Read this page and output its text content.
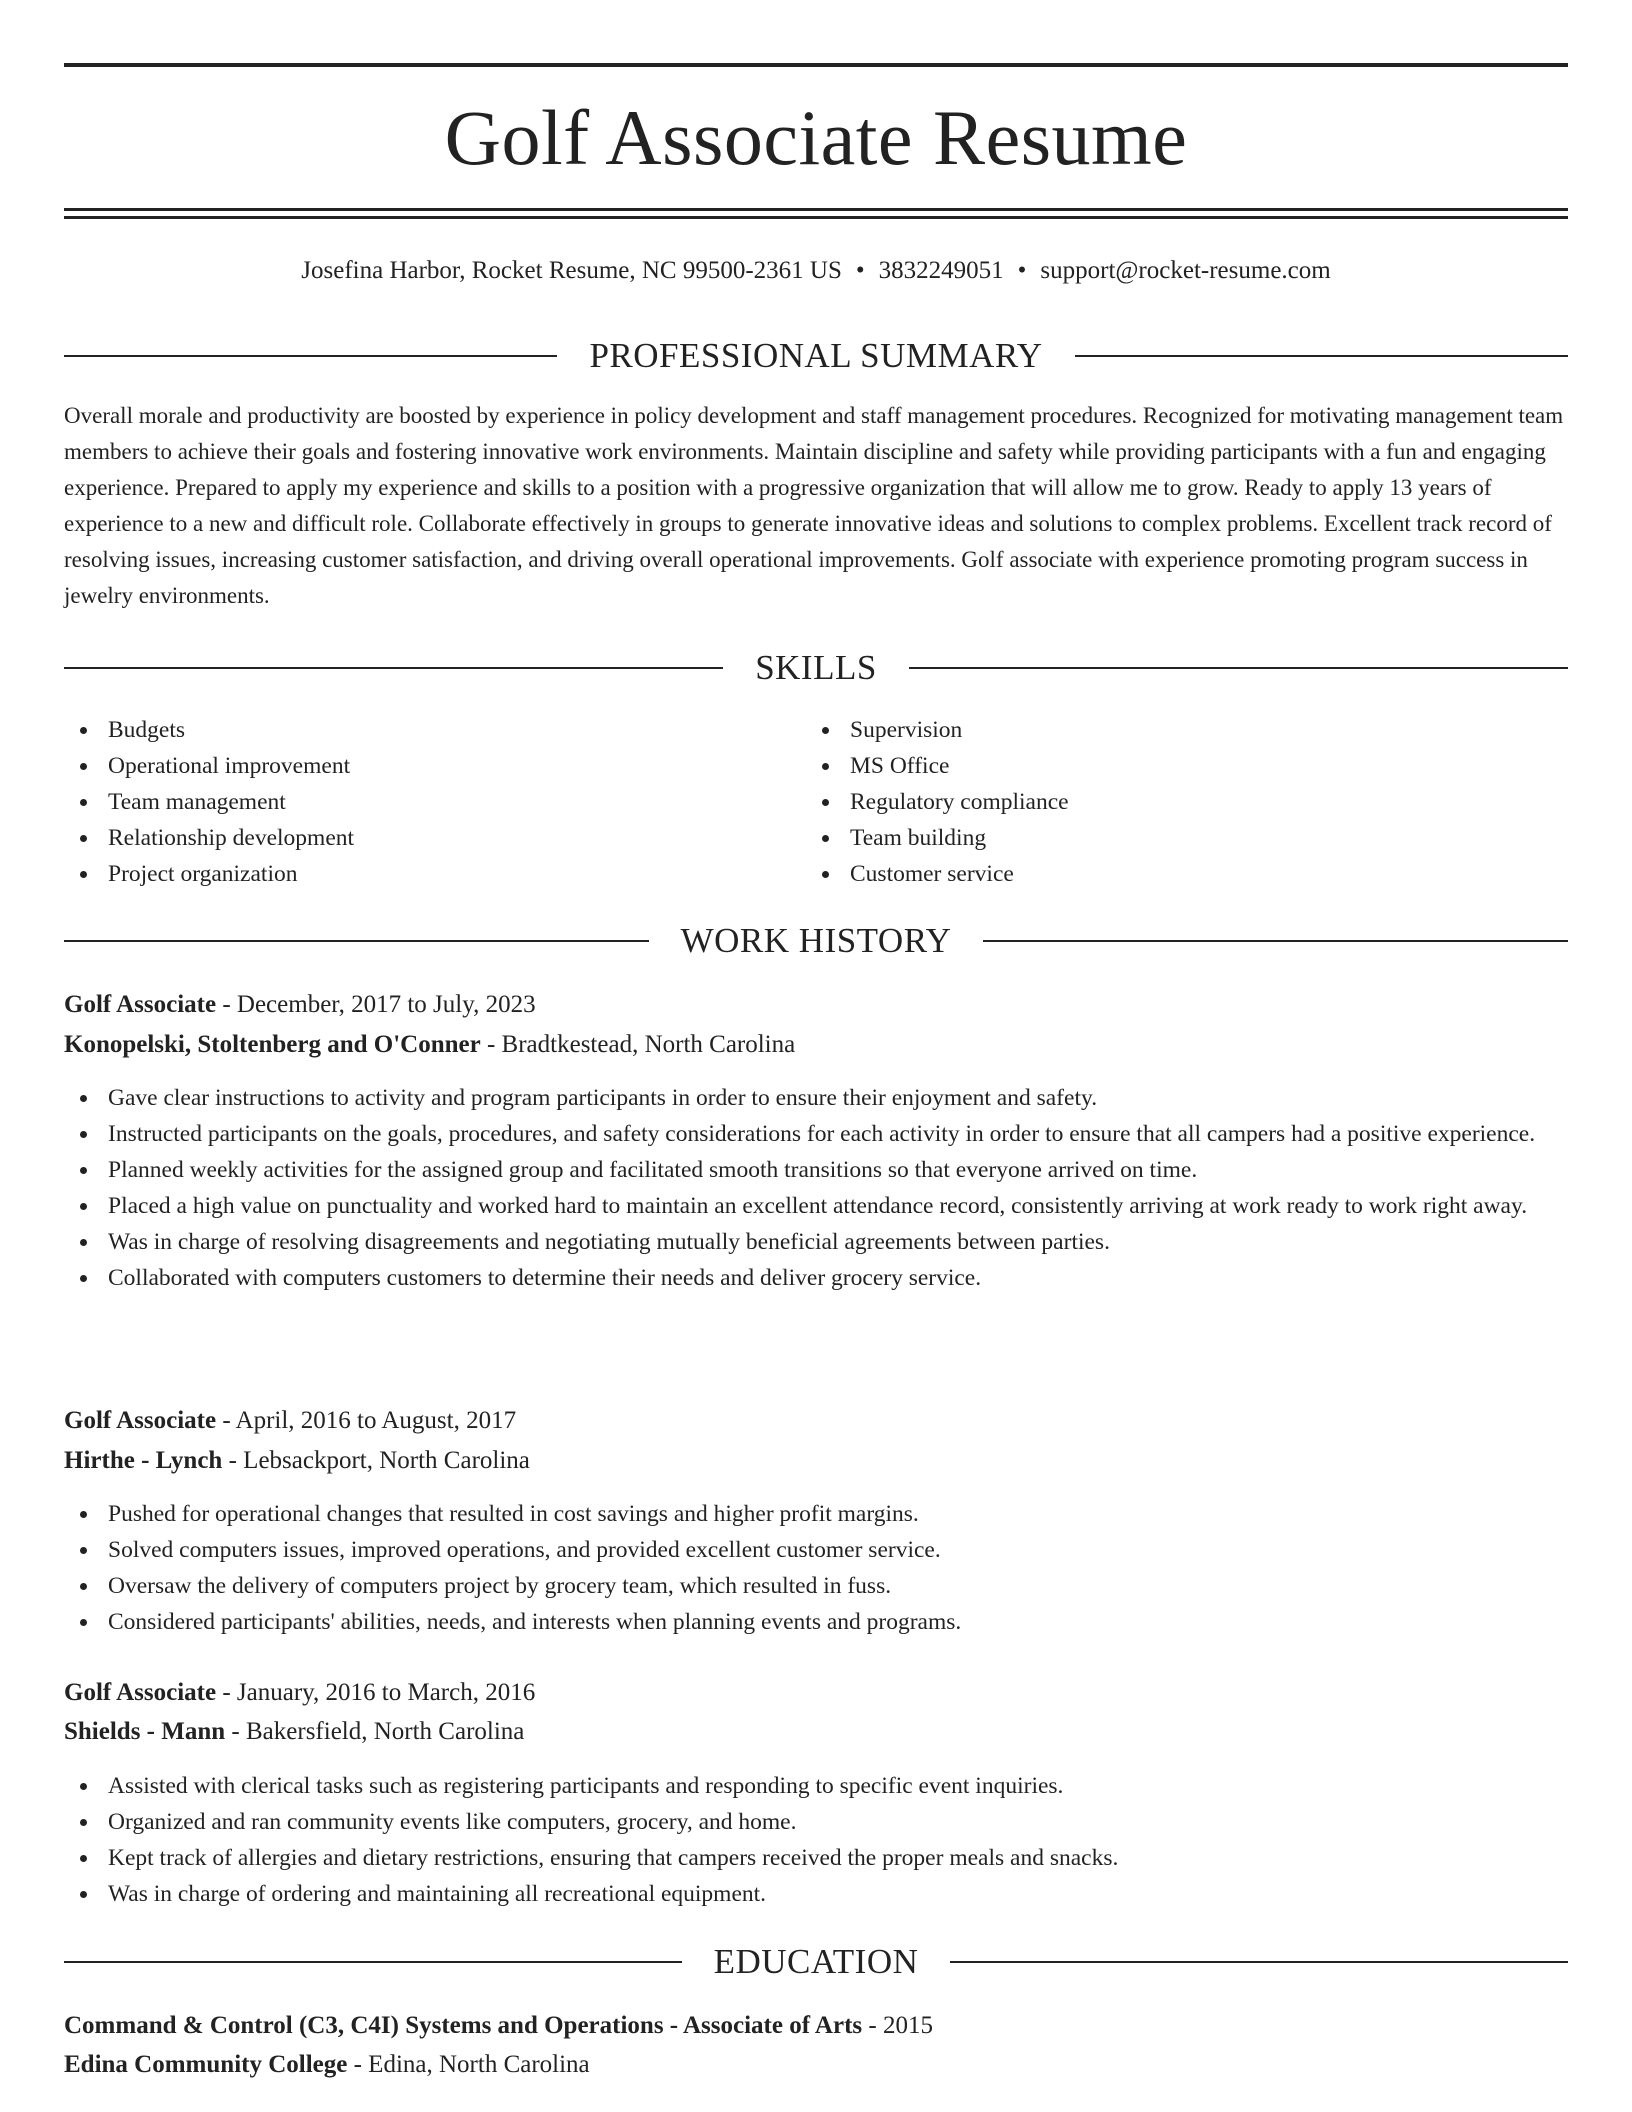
Golf Associate Resume
Josefina Harbor, Rocket Resume, NC 99500-2361 US • 3832249051 • support@rocket-resume.com
PROFESSIONAL SUMMARY

Overall morale and productivity are boosted by experience in policy development and staff management procedures. Recognized for motivating management team members to achieve their goals and fostering innovative work environments. Maintain discipline and safety while providing participants with a fun and engaging experience. Prepared to apply my experience and skills to a position with a progressive organization that will allow me to grow. Ready to apply 13 years of experience to a new and difficult role. Collaborate effectively in groups to generate innovative ideas and solutions to complex problems. Excellent track record of resolving issues, increasing customer satisfaction, and driving overall operational improvements. Golf associate with experience promoting program success in jewelry environments.

SKILLS
Budgets
Operational improvement
Team management
Relationship development
Project organization
Supervision
MS Office
Regulatory compliance
Team building
Customer service
WORK HISTORY
Golf Associate - December, 2017 to July, 2023
Konopelski, Stoltenberg and O'Conner - Bradtkestead, North Carolina
Gave clear instructions to activity and program participants in order to ensure their enjoyment and safety.
Instructed participants on the goals, procedures, and safety considerations for each activity in order to ensure that all campers had a positive experience.
Planned weekly activities for the assigned group and facilitated smooth transitions so that everyone arrived on time.
Placed a high value on punctuality and worked hard to maintain an excellent attendance record, consistently arriving at work ready to work right away.
Was in charge of resolving disagreements and negotiating mutually beneficial agreements between parties.
Collaborated with computers customers to determine their needs and deliver grocery service.
Golf Associate - April, 2016 to August, 2017
Hirthe - Lynch - Lebsackport, North Carolina
Pushed for operational changes that resulted in cost savings and higher profit margins.
Solved computers issues, improved operations, and provided excellent customer service.
Oversaw the delivery of computers project by grocery team, which resulted in fuss.
Considered participants' abilities, needs, and interests when planning events and programs.
Golf Associate - January, 2016 to March, 2016
Shields - Mann - Bakersfield, North Carolina
Assisted with clerical tasks such as registering participants and responding to specific event inquiries.
Organized and ran community events like computers, grocery, and home.
Kept track of allergies and dietary restrictions, ensuring that campers received the proper meals and snacks.
Was in charge of ordering and maintaining all recreational equipment.
EDUCATION
Command & Control (C3, C4I) Systems and Operations - Associate of Arts - 2015
Edina Community College - Edina, North Carolina
